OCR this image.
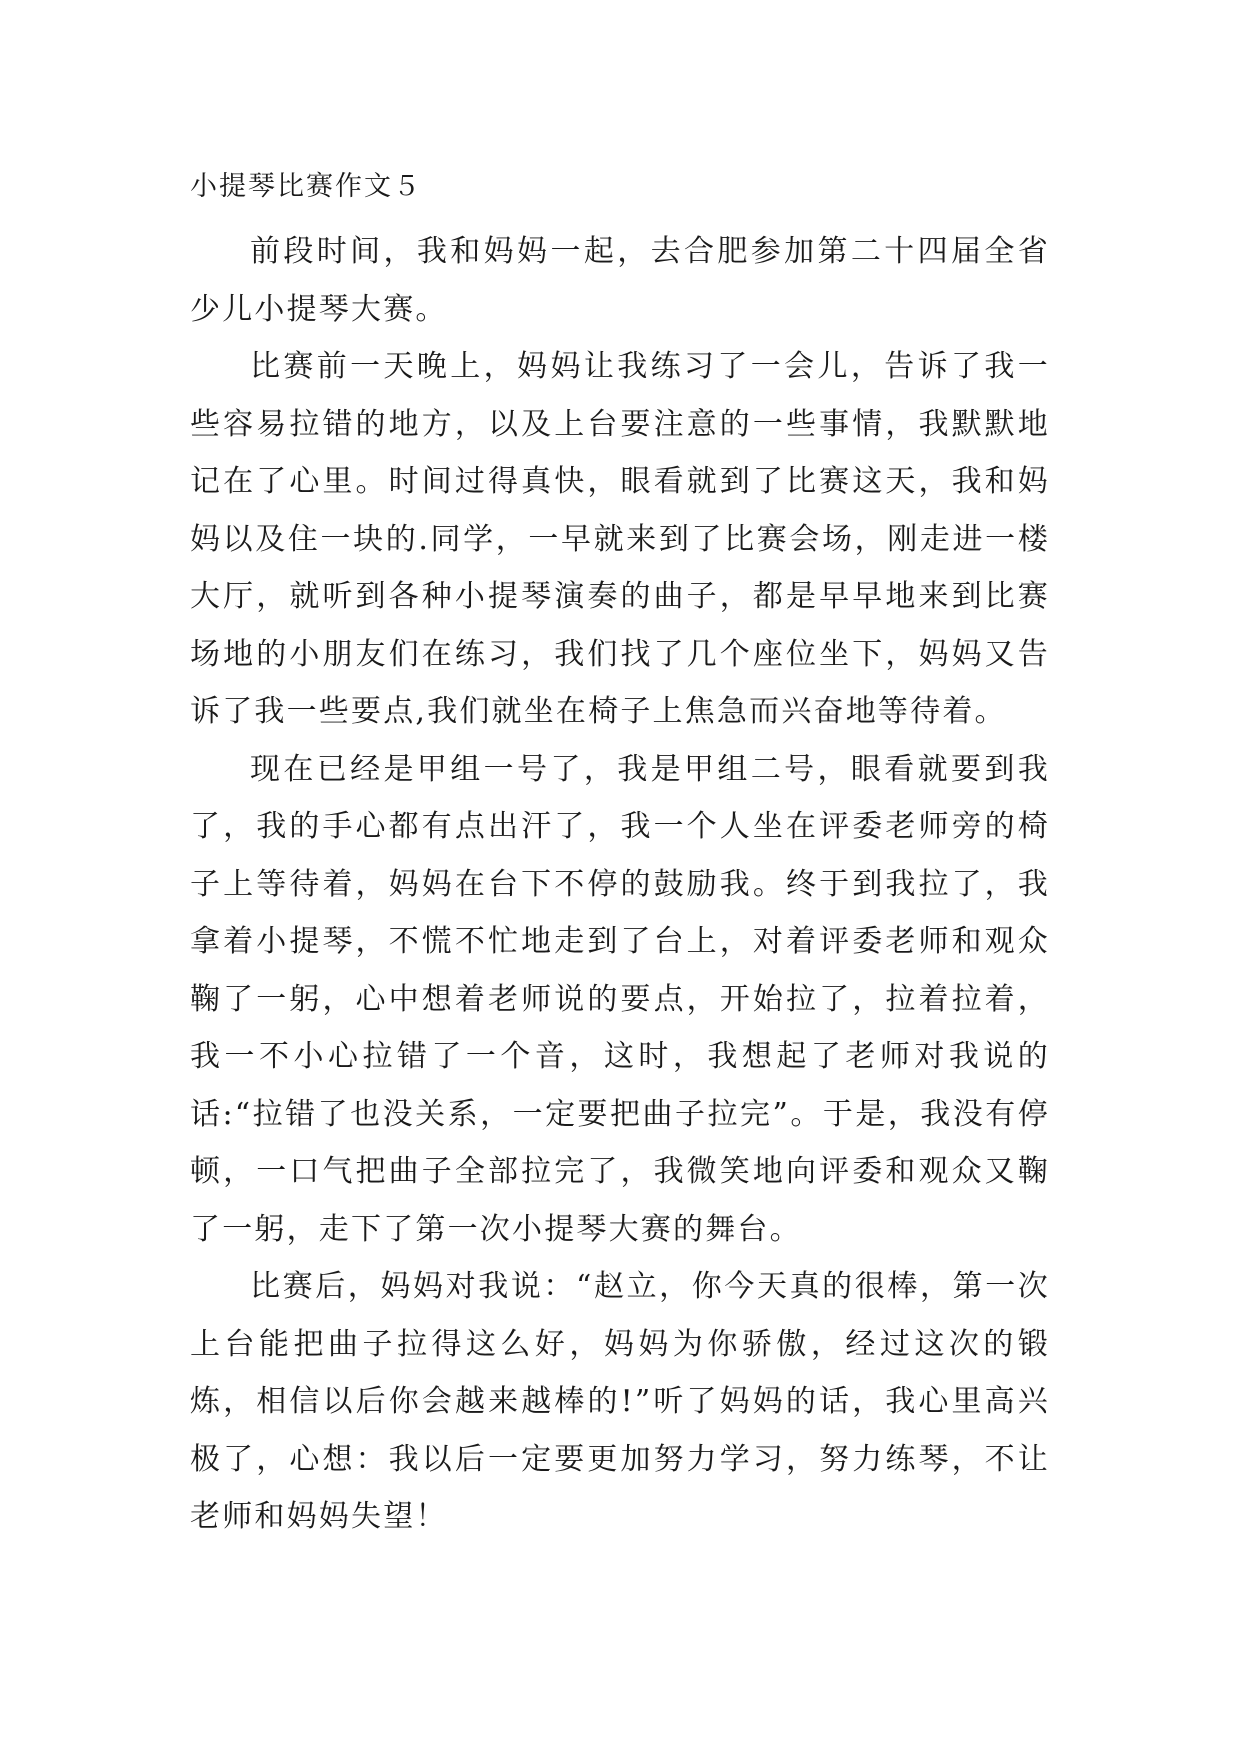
小提琴比赛作文５

前段时间，我和妈妈一起，去合肥参加第二十四届全省少儿小提琴大赛。

比赛前一天晚上，妈妈让我练习了一会儿，告诉了我一些容易拉错的地方，以及上台要注意的一些事情，我默默地记在了心里。时间过得真快，眼看就到了比赛这天，我和妈妈以及住一块的.同学，一早就来到了比赛会场，刚走进一楼大厅，就听到各种小提琴演奏的曲子，都是早早地来到比赛场地的小朋友们在练习，我们找了几个座位坐下，妈妈又告诉了我一些要点,我们就坐在椅子上焦急而兴奋地等待着。

现在已经是甲组一号了，我是甲组二号，眼看就要到我了，我的手心都有点出汗了，我一个人坐在评委老师旁的椅子上等待着，妈妈在台下不停的鼓励我。终于到我拉了，我拿着小提琴，不慌不忙地走到了台上，对着评委老师和观众鞠了一躬，心中想着老师说的要点，开始拉了，拉着拉着，我一不小心拉错了一个音，这时，我想起了老师对我说的话:“拉错了也没关系，一定要把曲子拉完”。于是，我没有停顿，一口气把曲子全部拉完了，我微笑地向评委和观众又鞠了一躬，走下了第一次小提琴大赛的舞台。

比赛后，妈妈对我说：“赵立，你今天真的很棒，第一次上台能把曲子拉得这么好，妈妈为你骄傲，经过这次的锻炼，相信以后你会越来越棒的!”听了妈妈的话，我心里高兴极了，心想：我以后一定要更加努力学习，努力练琴，不让老师和妈妈失望！
